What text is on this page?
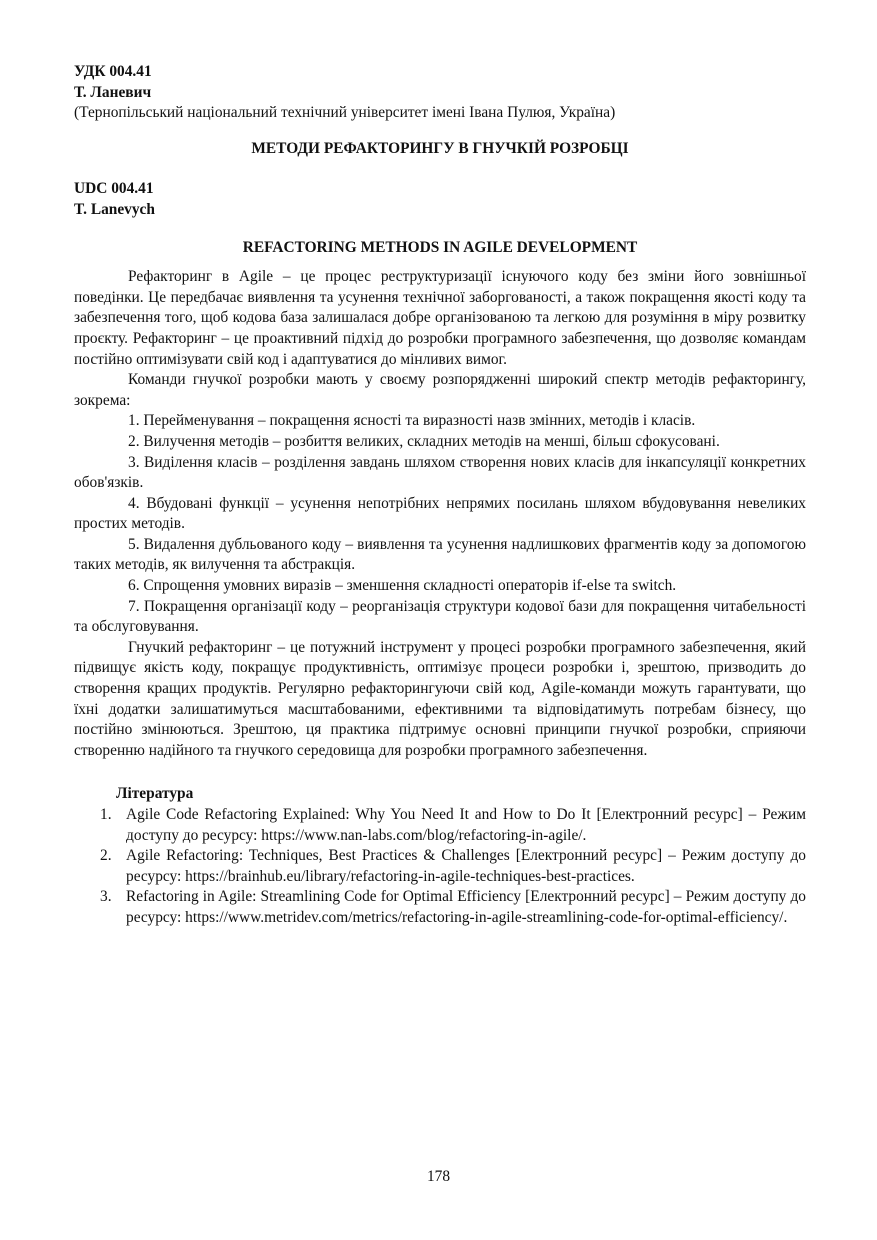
УДК 004.41

Т. Ланевич

(Тернопільський національний технічний університет імені Івана Пулюя, Україна)

МЕТОДИ РЕФАКТОРИНГУ В ГНУЧКІЙ РОЗРОБЦІ

UDC 004.41

T. Lanevych

REFACTORING METHODS IN AGILE DEVELOPMENT

Рефакторинг в Agile – це процес реструктуризації існуючого коду без зміни його зовнішньої поведінки. Це передбачає виявлення та усунення технічної заборгованості, а також покращення якості коду та забезпечення того, щоб кодова база залишалася добре організованою та легкою для розуміння в міру розвитку проєкту. Рефакторинг – це проактивний підхід до розробки програмного забезпечення, що дозволяє командам постійно оптимізувати свій код і адаптуватися до мінливих вимог.

Команди гнучкої розробки мають у своєму розпорядженні широкий спектр методів рефакторингу, зокрема:

1. Перейменування – покращення ясності та виразності назв змінних, методів і класів.

2. Вилучення методів – розбиття великих, складних методів на менші, більш сфокусовані.

3. Виділення класів – розділення завдань шляхом створення нових класів для інкапсуляції конкретних обов'язків.

4. Вбудовані функції – усунення непотрібних непрямих посилань шляхом вбудовування невеликих простих методів.

5. Видалення дубльованого коду – виявлення та усунення надлишкових фрагментів коду за допомогою таких методів, як вилучення та абстракція.

6. Спрощення умовних виразів – зменшення складності операторів if-else та switch.

7. Покращення організації коду – реорганізація структури кодової бази для покращення читабельності та обслуговування.

Гнучкий рефакторинг – це потужний інструмент у процесі розробки програмного забезпечення, який підвищує якість коду, покращує продуктивність, оптимізує процеси розробки і, зрештою, призводить до створення кращих продуктів. Регулярно рефакторингуючи свій код, Agile-команди можуть гарантувати, що їхні додатки залишатимуться масштабованими, ефективними та відповідатимуть потребам бізнесу, що постійно змінюються. Зрештою, ця практика підтримує основні принципи гнучкої розробки, сприяючи створенню надійного та гнучкого середовища для розробки програмного забезпечення.

Література

1. Agile Code Refactoring Explained: Why You Need It and How to Do It [Електронний ресурс] – Режим доступу до ресурсу: https://www.nan-labs.com/blog/refactoring-in-agile/.
2. Agile Refactoring: Techniques, Best Practices & Challenges [Електронний ресурс] – Режим доступу до ресурсу: https://brainhub.eu/library/refactoring-in-agile-techniques-best-practices.
3. Refactoring in Agile: Streamlining Code for Optimal Efficiency [Електронний ресурс] – Режим доступу до ресурсу: https://www.metridev.com/metrics/refactoring-in-agile-streamlining-code-for-optimal-efficiency/.
178
